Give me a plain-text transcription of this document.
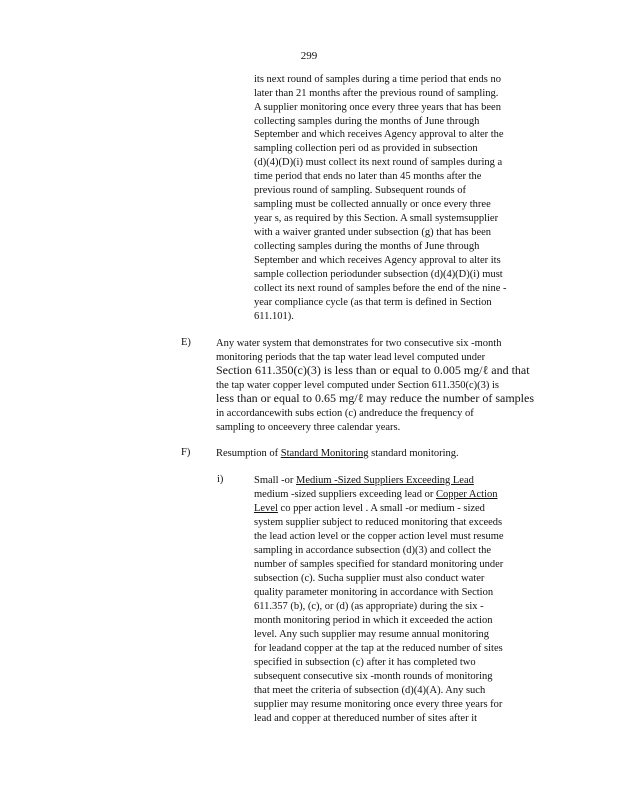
299
its next round of samples during a time period that ends no
later than 21 months after the previous round of sampling.
A supplier monitoring once every three years that has been
collecting samples during the months of June through
September and which receives Agency approval to alter the
sampling collection peri od as provided in subsection
(d)(4)(D)(i) must collect its next round of samples during a
time period that ends no later than 45 months after the
previous round of sampling. Subsequent rounds of
sampling must be collected annually or once every three
year s, as required by this Section. A small systemsupplier
with a waiver granted under subsection (g) that has been
collecting samples during the months of June through
September and which receives Agency approval to alter its
sample collection periodunder subsection (d)(4)(D)(i) must
collect its next round of samples before the end of the nine -
year compliance cycle (as that term is defined in Section
611.101).
E) Any water system that demonstrates for two consecutive six -month
monitoring periods that the tap water lead level computed under
Section 611.350(c)(3) is less than or equal to 0.005 mg/ℓ and that
the tap water copper level computed under Section 611.350(c)(3) is
less than or equal to 0.65 mg/ℓ may reduce the number of samples
in accordancewith subs ection (c) andreduce the frequency of
sampling to onceevery three calendar years.
F) Resumption of Standard Monitoring standard monitoring.
i)	Small -or Medium -Sized Suppliers Exceeding Lead
medium -sized suppliers exceeding lead or Copper Action
Level co pper action level . A small -or medium - sized
system supplier subject to reduced monitoring that exceeds
the lead action level or the copper action level must resume
sampling in accordance subsection (d)(3) and collect the
number of samples specified for standard monitoring under
subsection (c). Sucha supplier must also conduct water
quality parameter monitoring in accordance with Section
611.357 (b), (c), or (d) (as appropriate) during the six -
month monitoring period in which it exceeded the action
level. Any such supplier may resume annual monitoring
for leadand copper at the tap at the reduced number of sites
specified in subsection (c) after it has completed two
subsequent consecutive six -month rounds of monitoring
that meet the criteria of subsection (d)(4)(A). Any such
supplier may resume monitoring once every three years for
lead and copper at thereduced number of sites after it
